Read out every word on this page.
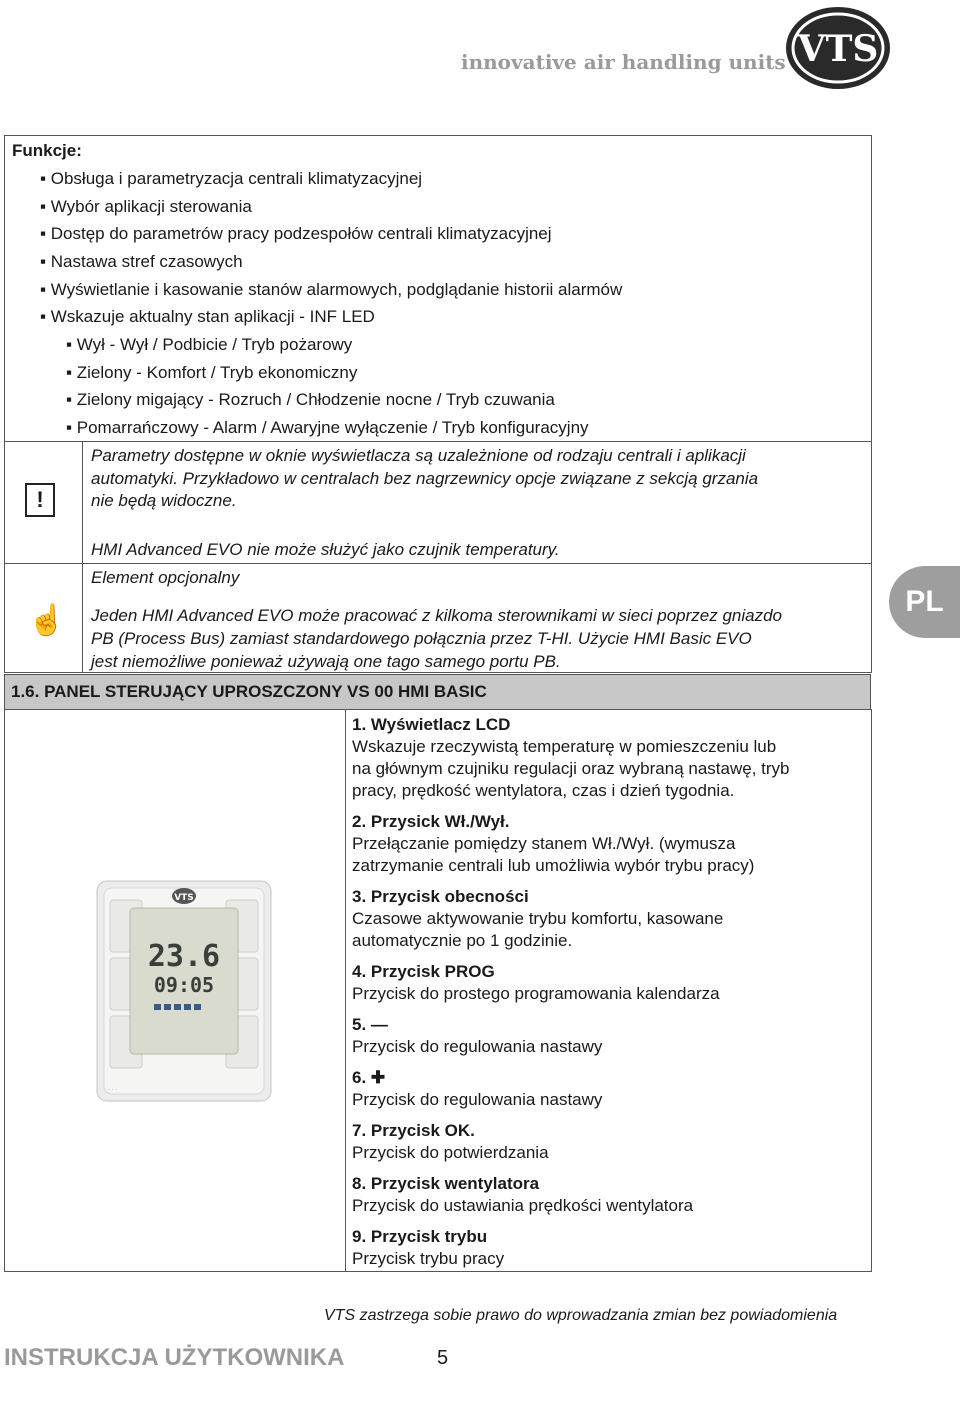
innovative air handling units VTS
Funkcje:
▪ Obsługa i parametryzacja centrali klimatyzacyjnej
▪ Wybór aplikacji sterowania
▪ Dostęp do parametrów pracy podzespołów centrali klimatyzacyjnej
▪ Nastawa stref czasowych
▪ Wyświetlanie i kasowanie stanów alarmowych, podglądanie historii alarmów
▪ Wskazuje aktualny stan aplikacji - INF LED
▪ Wył - Wył / Podbicie / Tryb pożarowy
▪ Zielony - Komfort / Tryb ekonomiczny
▪ Zielony migający - Rozruch / Chłodzenie nocne / Tryb czuwania
▪ Pomarrańczowy - Alarm / Awaryjne wyłączenie / Tryb konfiguracyjny
!
Parametry dostępne w oknie wyświetlacza są uzależnione od rodzaju centrali i aplikacji
automatyki. Przykładowo w centralach bez nagrzewnicy opcje związane z sekcją grzania
nie będą widoczne.
HMI Advanced EVO nie może służyć jako czujnik temperatury.
☝
Element opcjonalny
Jeden HMI Advanced EVO może pracować z kilkoma sterownikami w sieci poprzez gniazdo
PB (Process Bus) zamiast standardowego połącznia przez T-HI. Użycie HMI Basic EVO
jest niemożliwe ponieważ używają one tago samego portu PB.
1.6. PANEL STERUJĄCY UPROSZCZONY VS 00 HMI BASIC
VTS
23.6
09:05
· · ·
1. Wyświetlacz LCD
Wskazuje rzeczywistą temperaturę w pomieszczeniu lub
na głównym czujniku regulacji oraz wybraną nastawę, tryb
pracy, prędkość wentylatora, czas i dzień tygodnia.
2. Przysick Wł./Wył.
Przełączanie pomiędzy stanem Wł./Wył. (wymusza
zatrzymanie centrali lub umożliwia wybór trybu pracy)
3. Przycisk obecności
Czasowe aktywowanie trybu komfortu, kasowane
automatycznie po 1 godzinie.
4. Przycisk PROG
Przycisk do prostego programowania kalendarza
5. —
Przycisk do regulowania nastawy
6. ✚
Przycisk do regulowania nastawy
7. Przycisk OK.
Przycisk do potwierdzania
8. Przycisk wentylatora
Przycisk do ustawiania prędkości wentylatora
9. Przycisk trybu
Przycisk trybu pracy
PL
VTS zastrzega sobie prawo do wprowadzania zmian bez powiadomienia
INSTRUKCJA UŻYTKOWNIKA	5
